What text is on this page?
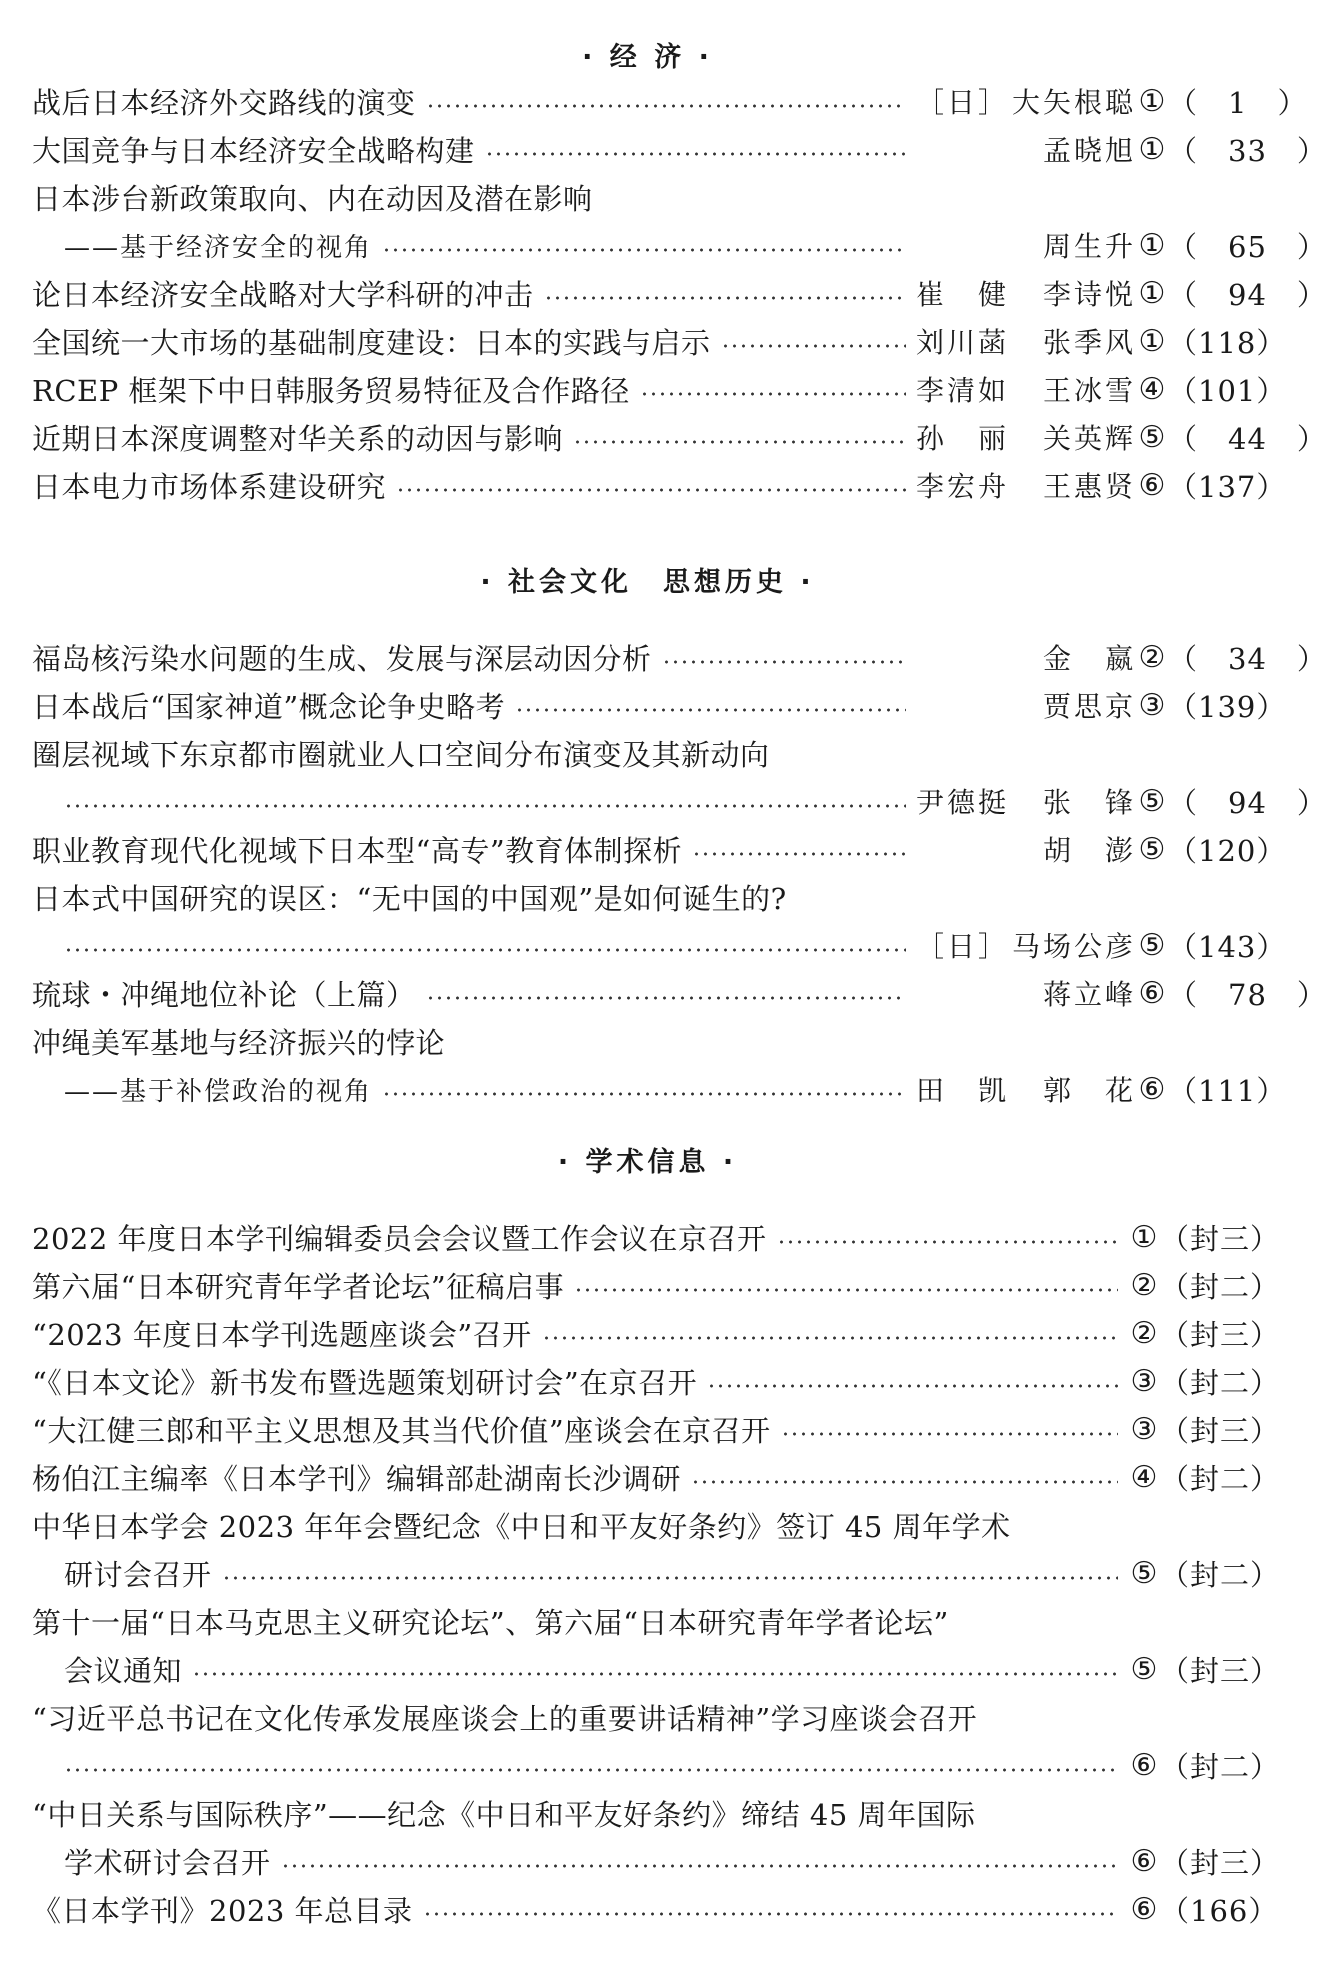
· 经 济 ·
战后日本经济外交路线的演变	［日］ 大矢根聪 ① （　1　）
大国竞争与日本经济安全战略构建	孟晓旭 ① （　33　）
日本涉台新政策取向、内在动因及潜在影响
——基于经济安全的视角	周生升 ① （　65　）
论日本经济安全战略对大学科研的冲击	崔　健	李诗悦 ① （　94　）
全国统一大市场的基础制度建设：日本的实践与启示	刘川菡	张季风 ① （118）
RCEP 框架下中日韩服务贸易特征及合作路径	李清如	王冰雪 ④ （101）
近期日本深度调整对华关系的动因与影响	孙　丽	关英辉 ⑤ （　44　）
日本电力市场体系建设研究	李宏舟	王惠贤 ⑥ （137）
· 社会文化　思想历史 ·
福岛核污染水问题的生成、发展与深层动因分析	金　嬴 ② （　34　）
日本战后“国家神道”概念论争史略考	贾思京 ③ （139）
圈层视域下东京都市圈就业人口空间分布演变及其新动向
尹德挺	张　锋 ⑤ （　94　）
职业教育现代化视域下日本型“高专”教育体制探析	胡　澎 ⑤ （120）
日本式中国研究的误区：“无中国的中国观”是如何诞生的?
［日］ 马场公彦 ⑤ （143）
琉球・冲绳地位补论（上篇）	蒋立峰 ⑥ （　78　）
冲绳美军基地与经济振兴的悖论
——基于补偿政治的视角	田　凯	郭　花 ⑥ （111）
· 学术信息 ·
2022 年度日本学刊编辑委员会会议暨工作会议在京召开	① （封三）
第六届“日本研究青年学者论坛”征稿启事	② （封二）
“2023 年度日本学刊选题座谈会”召开	② （封三）
“《日本文论》新书发布暨选题策划研讨会”在京召开	③ （封二）
“大江健三郎和平主义思想及其当代价值”座谈会在京召开	③ （封三）
杨伯江主编率《日本学刊》编辑部赴湖南长沙调研	④ （封二）
中华日本学会 2023 年年会暨纪念《中日和平友好条约》签订 45 周年学术
研讨会召开	⑤ （封二）
第十一届“日本马克思主义研究论坛”、第六届“日本研究青年学者论坛”
会议通知	⑤ （封三）
“习近平总书记在文化传承发展座谈会上的重要讲话精神”学习座谈会召开
⑥ （封二）
“中日关系与国际秩序”——纪念《中日和平友好条约》缔结 45 周年国际
学术研讨会召开	⑥ （封三）
《日本学刊》2023 年总目录	⑥ （166）
